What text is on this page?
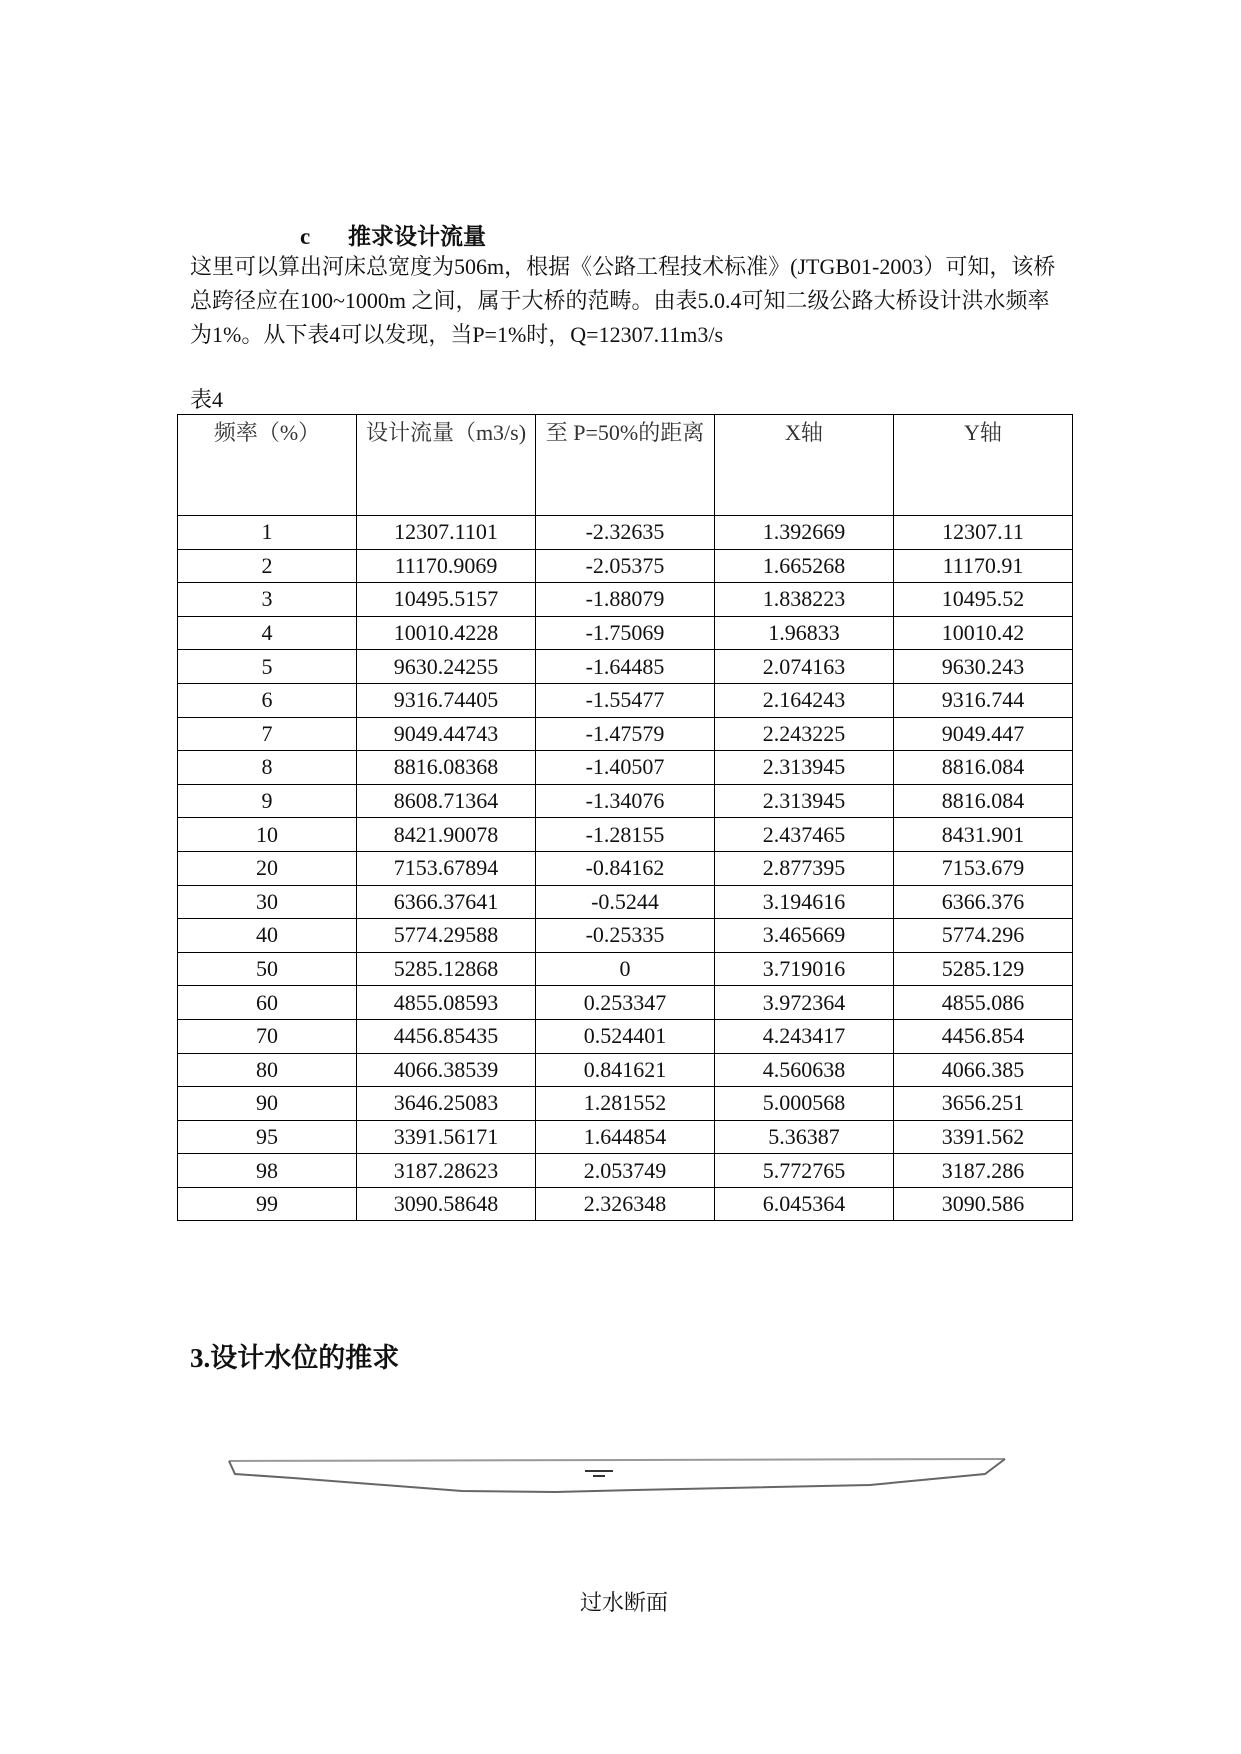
c 推求设计流量
这里可以算出河床总宽度为506m，根据《公路工程技术标准》(JTGB01-2003）可知，该桥总跨径应在100~1000m 之间，属于大桥的范畴。由表5.0.4可知二级公路大桥设计洪水频率为1%。从下表4可以发现，当P=1%时，Q=12307.11m3/s
表4
频率（%）	设计流量（m3/s)	至 P=50%的距离	X轴	Y轴
1	12307.1101	-2.32635	1.392669	12307.11
2	11170.9069	-2.05375	1.665268	11170.91
3	10495.5157	-1.88079	1.838223	10495.52
4	10010.4228	-1.75069	1.96833	10010.42
5	9630.24255	-1.64485	2.074163	9630.243
6	9316.74405	-1.55477	2.164243	9316.744
7	9049.44743	-1.47579	2.243225	9049.447
8	8816.08368	-1.40507	2.313945	8816.084
9	8608.71364	-1.34076	2.313945	8816.084
10	8421.90078	-1.28155	2.437465	8431.901
20	7153.67894	-0.84162	2.877395	7153.679
30	6366.37641	-0.5244	3.194616	6366.376
40	5774.29588	-0.25335	3.465669	5774.296
50	5285.12868	0	3.719016	5285.129
60	4855.08593	0.253347	3.972364	4855.086
70	4456.85435	0.524401	4.243417	4456.854
80	4066.38539	0.841621	4.560638	4066.385
90	3646.25083	1.281552	5.000568	3656.251
95	3391.56171	1.644854	5.36387	3391.562
98	3187.28623	2.053749	5.772765	3187.286
99	3090.58648	2.326348	6.045364	3090.586
3.设计水位的推求
过水断面
